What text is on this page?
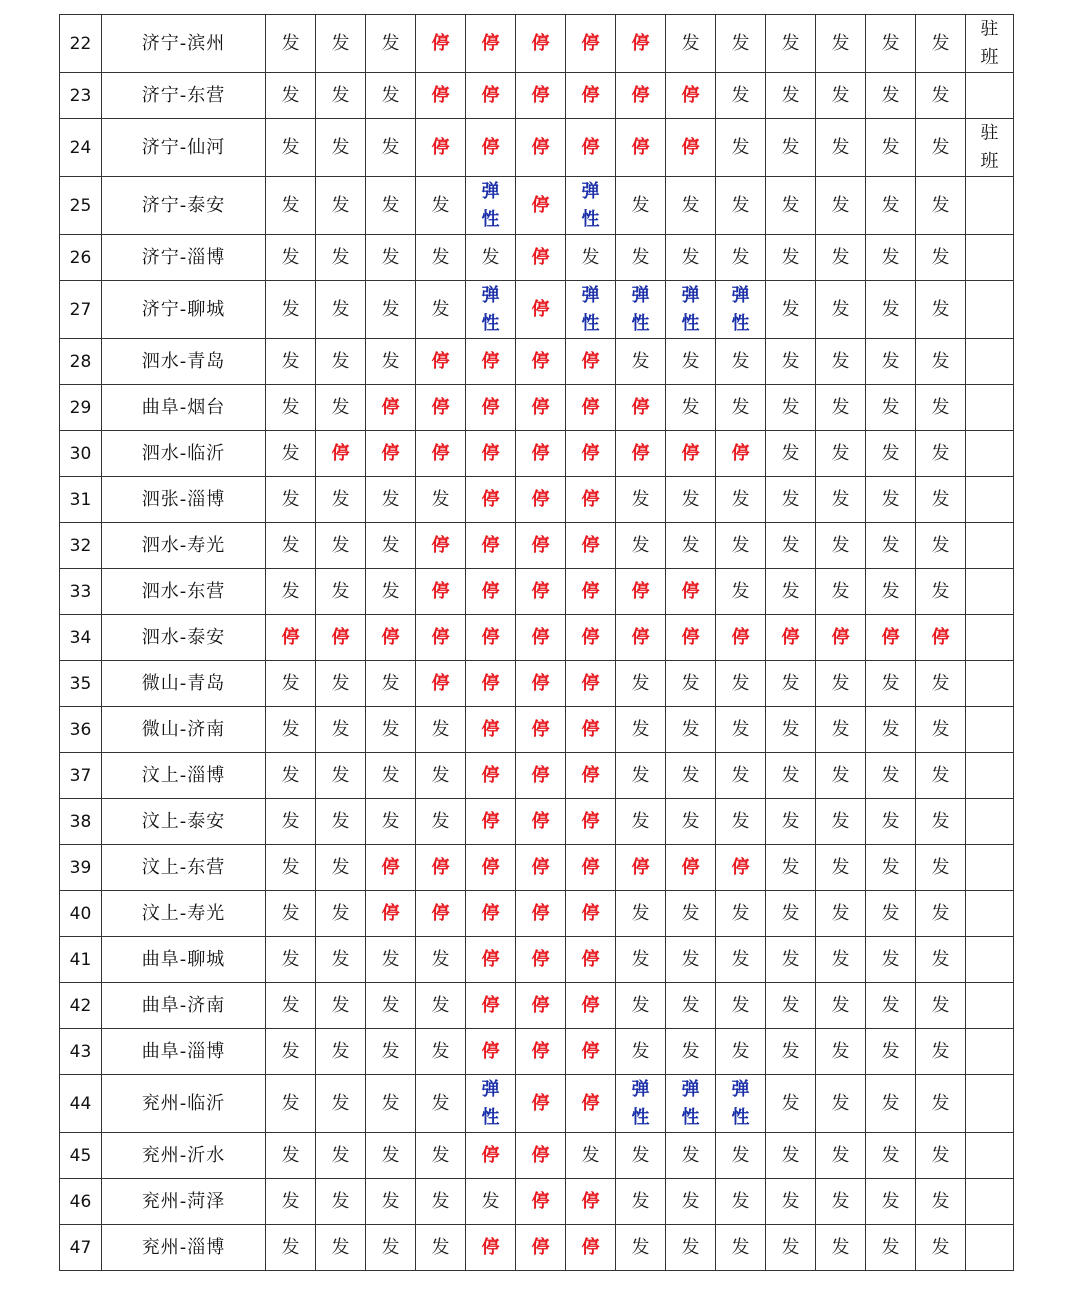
22	济宁-滨州	发	发	发	停	停	停	停	停	发	发	发	发	发	发	驻班
23	济宁-东营	发	发	发	停	停	停	停	停	停	发	发	发	发	发	
24	济宁-仙河	发	发	发	停	停	停	停	停	停	发	发	发	发	发	驻班
25	济宁-泰安	发	发	发	发	弹性	停	弹性	发	发	发	发	发	发	发	
26	济宁-淄博	发	发	发	发	发	停	发	发	发	发	发	发	发	发	
27	济宁-聊城	发	发	发	发	弹性	停	弹性	弹性	弹性	弹性	发	发	发	发	
28	泗水-青岛	发	发	发	停	停	停	停	发	发	发	发	发	发	发	
29	曲阜-烟台	发	发	停	停	停	停	停	停	发	发	发	发	发	发	
30	泗水-临沂	发	停	停	停	停	停	停	停	停	停	发	发	发	发	
31	泗张-淄博	发	发	发	发	停	停	停	发	发	发	发	发	发	发	
32	泗水-寿光	发	发	发	停	停	停	停	发	发	发	发	发	发	发	
33	泗水-东营	发	发	发	停	停	停	停	停	停	发	发	发	发	发	
34	泗水-泰安	停	停	停	停	停	停	停	停	停	停	停	停	停	停	
35	微山-青岛	发	发	发	停	停	停	停	发	发	发	发	发	发	发	
36	微山-济南	发	发	发	发	停	停	停	发	发	发	发	发	发	发	
37	汶上-淄博	发	发	发	发	停	停	停	发	发	发	发	发	发	发	
38	汶上-泰安	发	发	发	发	停	停	停	发	发	发	发	发	发	发	
39	汶上-东营	发	发	停	停	停	停	停	停	停	停	发	发	发	发	
40	汶上-寿光	发	发	停	停	停	停	停	发	发	发	发	发	发	发	
41	曲阜-聊城	发	发	发	发	停	停	停	发	发	发	发	发	发	发	
42	曲阜-济南	发	发	发	发	停	停	停	发	发	发	发	发	发	发	
43	曲阜-淄博	发	发	发	发	停	停	停	发	发	发	发	发	发	发	
44	兖州-临沂	发	发	发	发	弹性	停	停	弹性	弹性	弹性	发	发	发	发	
45	兖州-沂水	发	发	发	发	停	停	发	发	发	发	发	发	发	发	
46	兖州-菏泽	发	发	发	发	发	停	停	发	发	发	发	发	发	发	
47	兖州-淄博	发	发	发	发	停	停	停	发	发	发	发	发	发	发	
